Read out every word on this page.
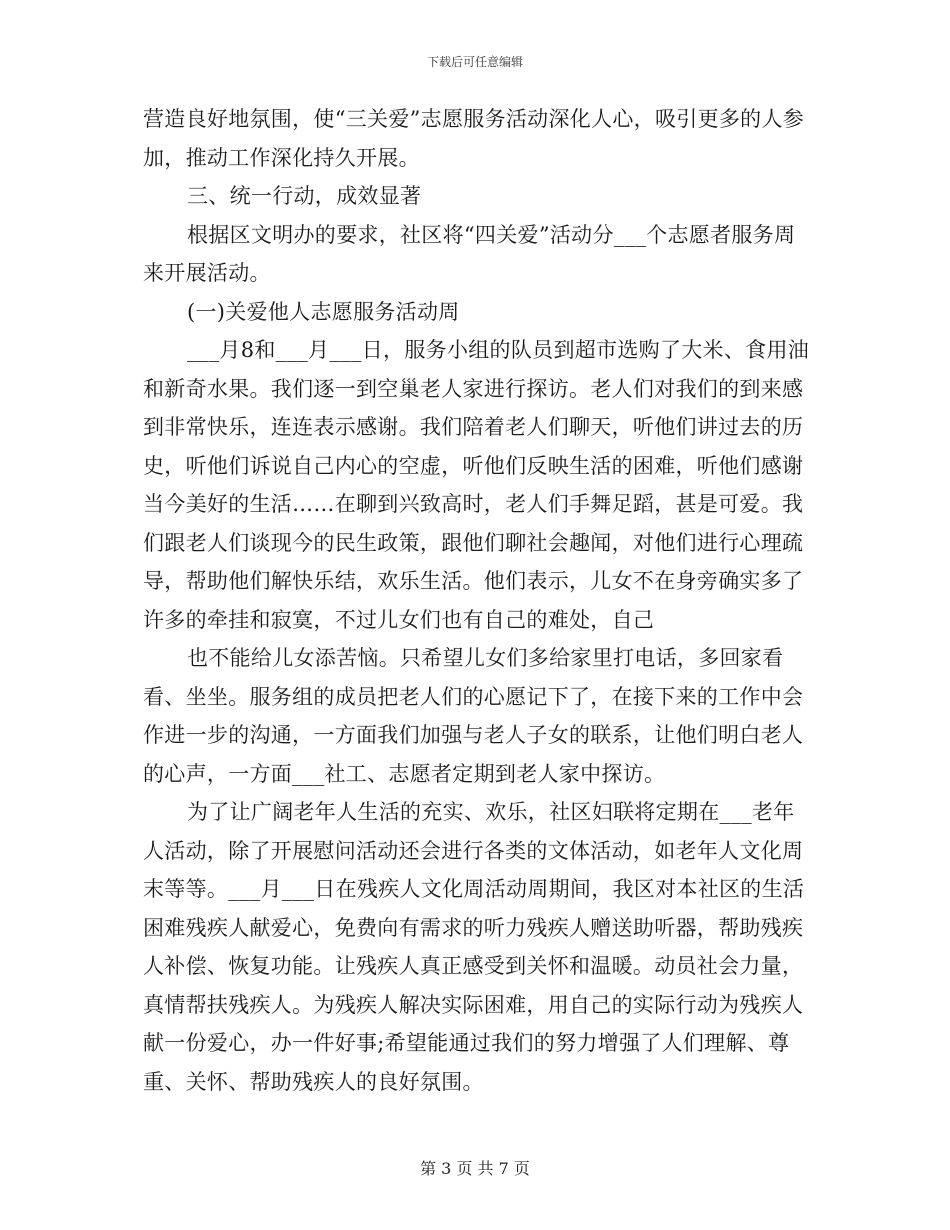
下载后可任意编辑

营造良好地氛围，使“三关爱”志愿服务活动深化人心，吸引更多的人参加，推动工作深化持久开展。

三、统一行动，成效显著

根据区文明办的要求，社区将“四关爱”活动分___个志愿者服务周来开展活动。

(一)关爱他人志愿服务活动周

___月8和___月___日，服务小组的队员到超市选购了大米、食用油和新奇水果。我们逐一到空巢老人家进行探访。老人们对我们的到来感到非常快乐，连连表示感谢。我们陪着老人们聊天，听他们讲过去的历史，听他们诉说自己内心的空虚，听他们反映生活的困难，听他们感谢当今美好的生活……在聊到兴致高时，老人们手舞足蹈，甚是可爱。我们跟老人们谈现今的民生政策，跟他们聊社会趣闻，对他们进行心理疏导，帮助他们解快乐结，欢乐生活。他们表示，儿女不在身旁确实多了许多的牵挂和寂寞，不过儿女们也有自己的难处，自己

也不能给儿女添苦恼。只希望儿女们多给家里打电话，多回家看看、坐坐。服务组的成员把老人们的心愿记下了，在接下来的工作中会作进一步的沟通，一方面我们加强与老人子女的联系，让他们明白老人的心声，一方面___社工、志愿者定期到老人家中探访。

为了让广阔老年人生活的充实、欢乐，社区妇联将定期在___老年人活动，除了开展慰问活动还会进行各类的文体活动，如老年人文化周末等等。___月___日在残疾人文化周活动周期间，我区对本社区的生活困难残疾人献爱心，免费向有需求的听力残疾人赠送助听器，帮助残疾人补偿、恢复功能。让残疾人真正感受到关怀和温暖。动员社会力量，真情帮扶残疾人。为残疾人解决实际困难，用自己的实际行动为残疾人献一份爱心，办一件好事;希望能通过我们的努力增强了人们理解、尊重、关怀、帮助残疾人的良好氛围。

第 3 页 共 7 页
